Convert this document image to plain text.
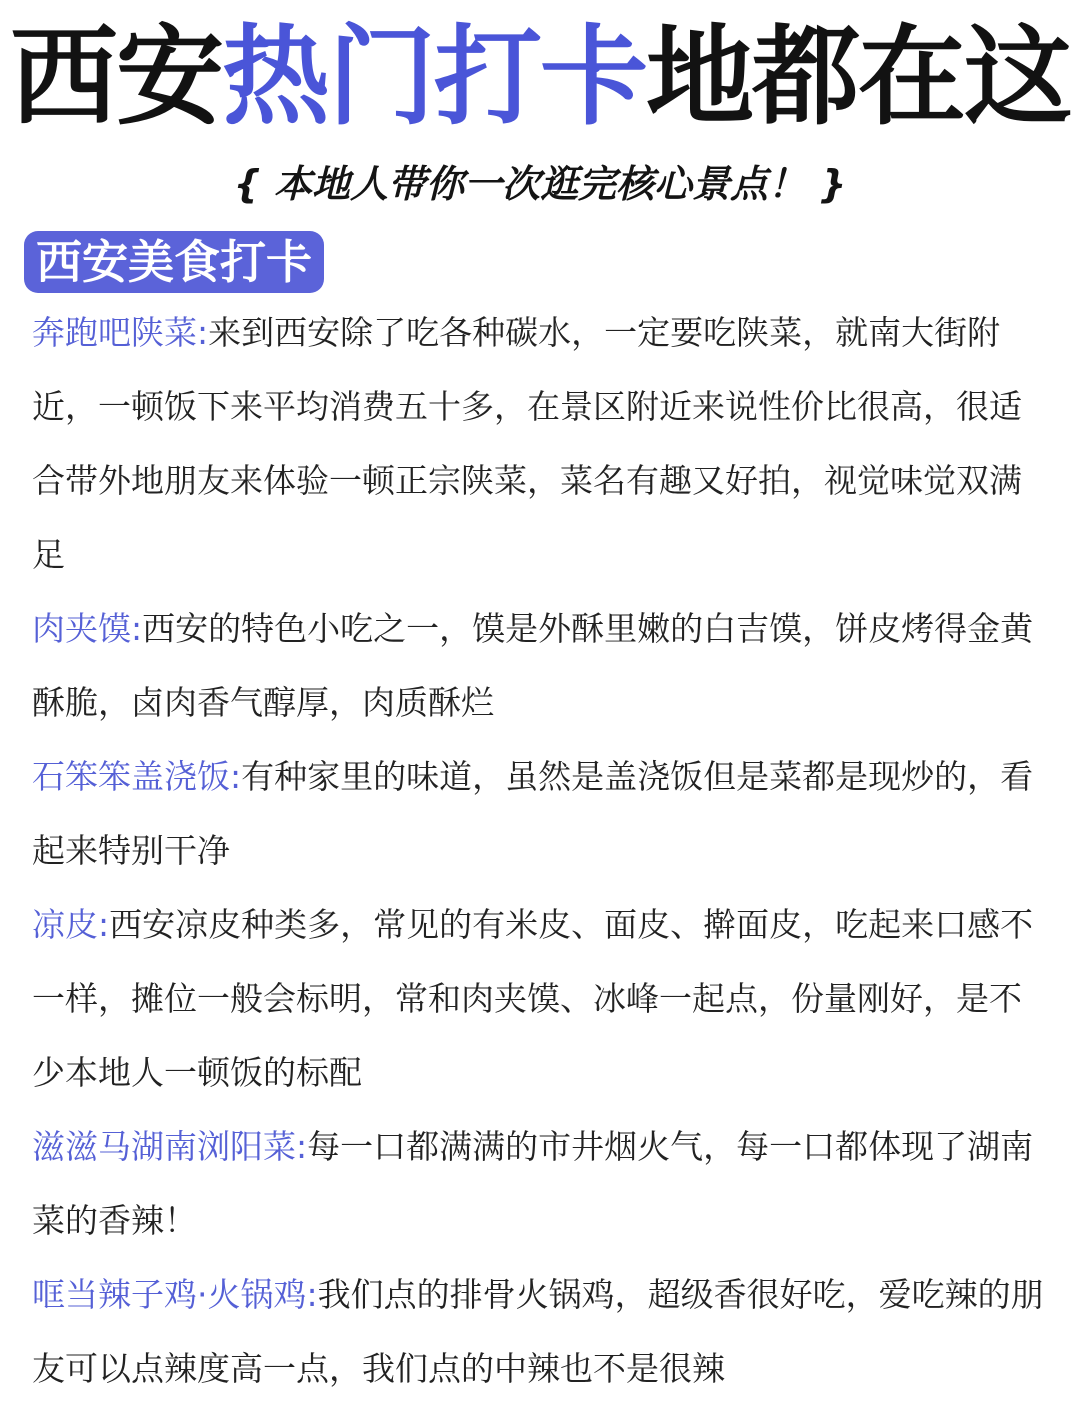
西安热门打卡地都在这
{ 本地人带你一次逛完核心景点！ }
西安美食打卡

奔跑吧陕菜:来到西安除了吃各种碳水，一定要吃陕菜，就南大街附近，一顿饭下来平均消费五十多，在景区附近来说性价比很高，很适合带外地朋友来体验一顿正宗陕菜，菜名有趣又好拍，视觉味觉双满足

肉夹馍:西安的特色小吃之一，馍是外酥里嫩的白吉馍，饼皮烤得金黄酥脆，卤肉香气醇厚，肉质酥烂

石笨笨盖浇饭:有种家里的味道，虽然是盖浇饭但是菜都是现炒的，看起来特别干净

凉皮:西安凉皮种类多，常见的有米皮、面皮、擀面皮，吃起来口感不一样，摊位一般会标明，常和肉夹馍、冰峰一起点，份量刚好，是不少本地人一顿饭的标配

滋滋马湖南浏阳菜:每一口都满满的市井烟火气，每一口都体现了湖南菜的香辣！

哐当辣子鸡·火锅鸡:我们点的排骨火锅鸡，超级香很好吃，爱吃辣的朋友可以点辣度高一点，我们点的中辣也不是很辣
